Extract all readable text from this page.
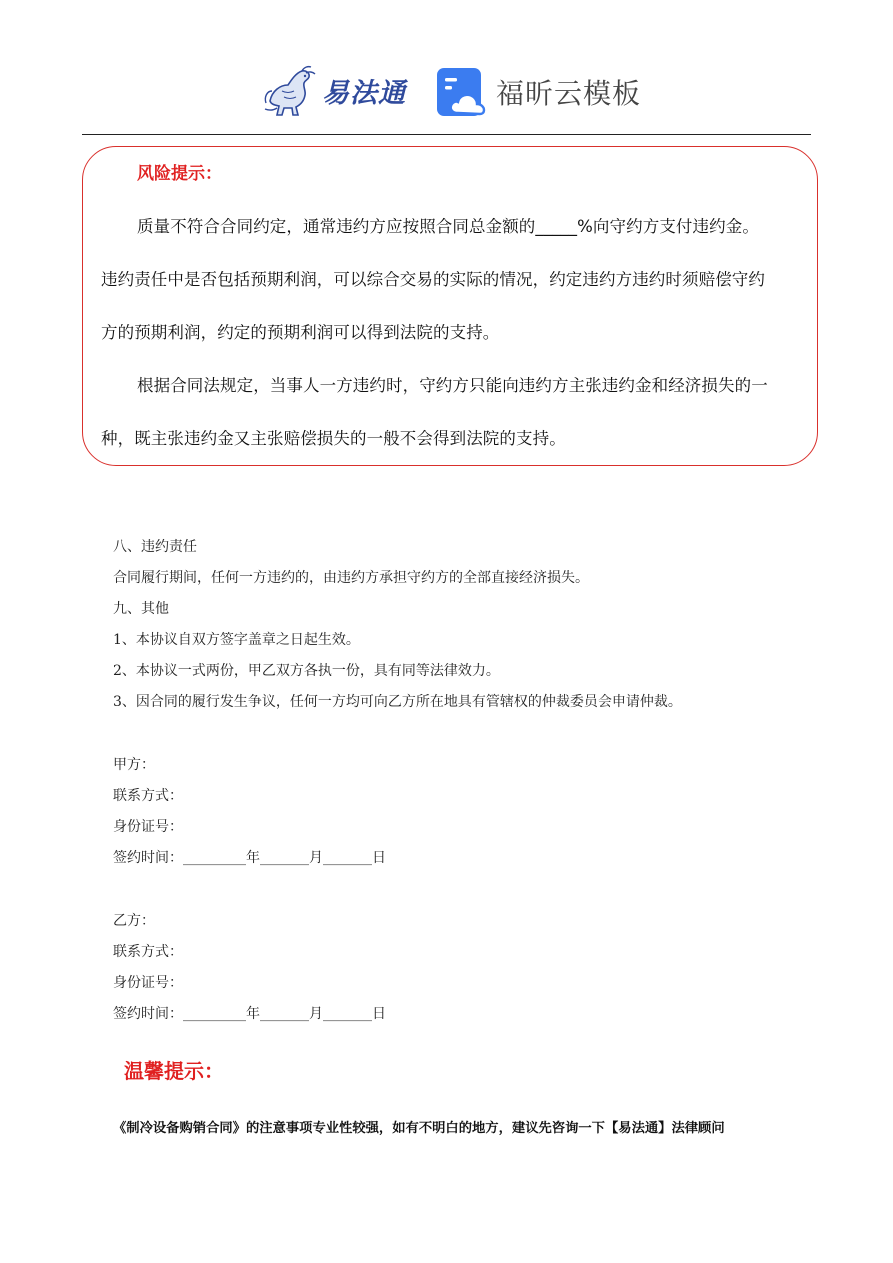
易法通	福昕云模板
风险提示：
质量不符合合同约定，通常违约方应按照合同总金额的_____%向守约方支付违约金。
违约责任中是否包括预期利润，可以综合交易的实际的情况，约定违约方违约时须赔偿守约
方的预期利润，约定的预期利润可以得到法院的支持。
根据合同法规定，当事人一方违约时，守约方只能向违约方主张违约金和经济损失的一
种，既主张违约金又主张赔偿损失的一般不会得到法院的支持。
八、违约责任
合同履行期间，任何一方违约的，由违约方承担守约方的全部直接经济损失。
九、其他
1、本协议自双方签字盖章之日起生效。
2、本协议一式两份，甲乙双方各执一份，具有同等法律效力。
3、因合同的履行发生争议，任何一方均可向乙方所在地具有管辖权的仲裁委员会申请仲裁。
甲方：
联系方式：
身份证号：
签约时间：_________年_______月_______日
乙方：
联系方式：
身份证号：
签约时间：_________年_______月_______日
温馨提示：
《制冷设备购销合同》的注意事项专业性较强，如有不明白的地方，建议先咨询一下【易法通】法律顾问
